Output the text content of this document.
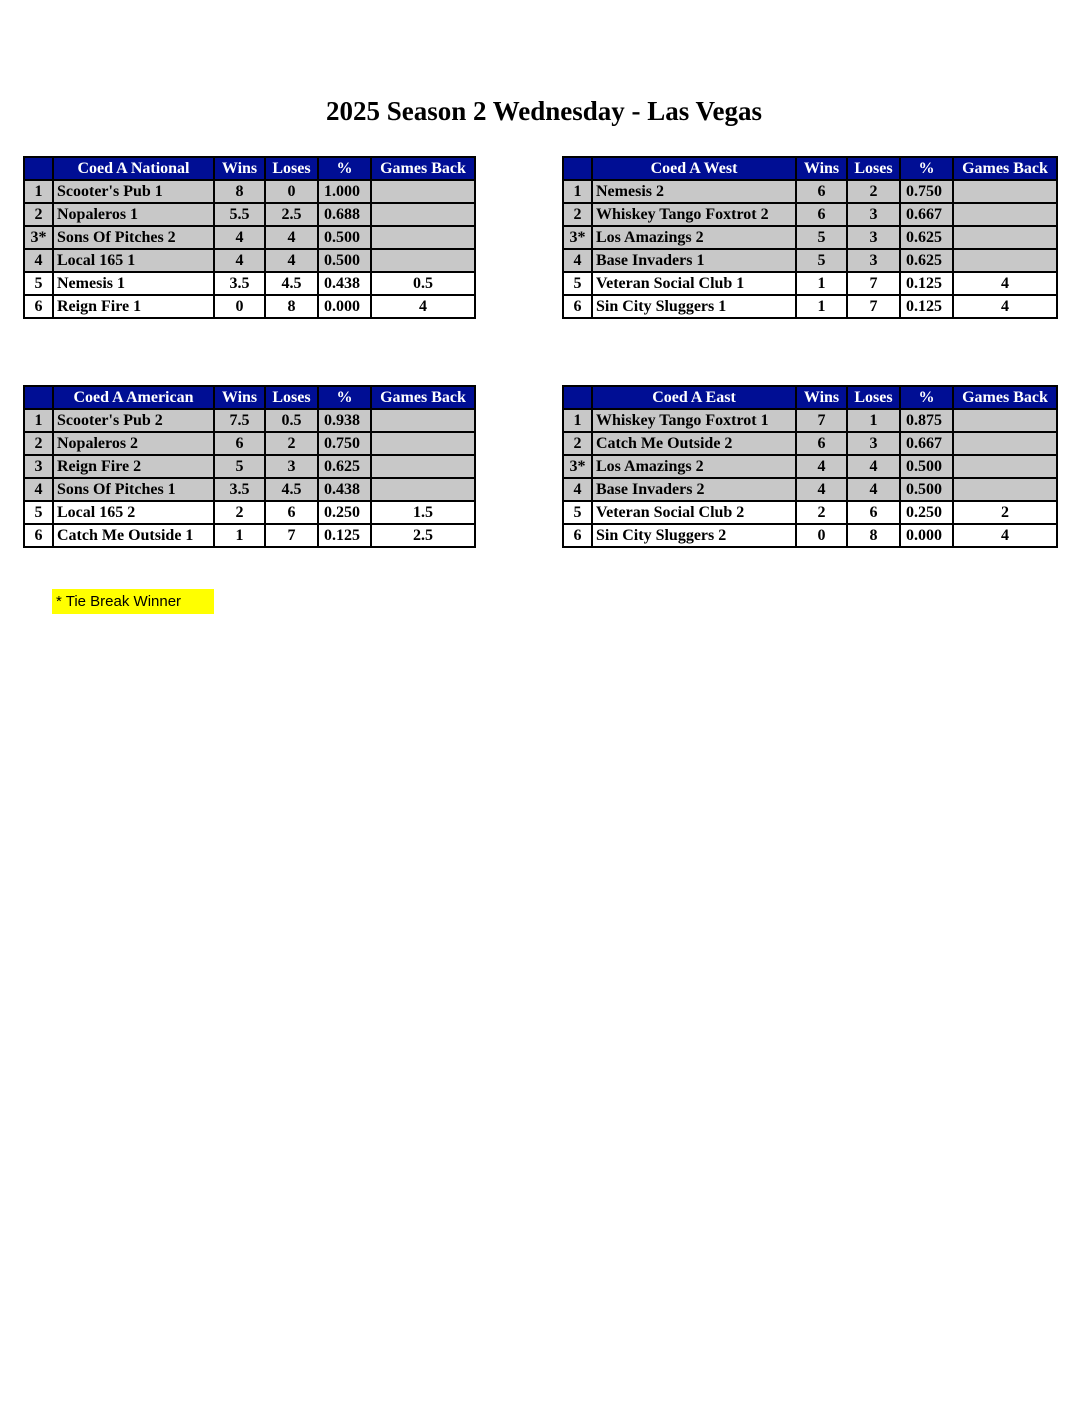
2025 Season 2 Wednesday - Las Vegas
	Coed A National	Wins	Loses	%	Games Back
1	Scooter's Pub 1	8	0	1.000	
2	Nopaleros 1	5.5	2.5	0.688	
3*	Sons Of Pitches 2	4	4	0.500	
4	Local 165 1	4	4	0.500	
5	Nemesis 1	3.5	4.5	0.438	0.5
6	Reign Fire 1	0	8	0.000	4
	Coed A American	Wins	Loses	%	Games Back
1	Scooter's Pub 2	7.5	0.5	0.938	
2	Nopaleros 2	6	2	0.750	
3	Reign Fire 2	5	3	0.625	
4	Sons Of Pitches 1	3.5	4.5	0.438	
5	Local 165 2	2	6	0.250	1.5
6	Catch Me Outside 1	1	7	0.125	2.5
	Coed A West	Wins	Loses	%	Games Back
1	Nemesis 2	6	2	0.750	
2	Whiskey Tango Foxtrot 2	6	3	0.667	
3*	Los Amazings 2	5	3	0.625	
4	Base Invaders 1	5	3	0.625	
5	Veteran Social Club 1	1	7	0.125	4
6	Sin City Sluggers 1	1	7	0.125	4
	Coed A East	Wins	Loses	%	Games Back
1	Whiskey Tango Foxtrot 1	7	1	0.875	
2	Catch Me Outside 2	6	3	0.667	
3*	Los Amazings 2	4	4	0.500	
4	Base Invaders 2	4	4	0.500	
5	Veteran Social Club 2	2	6	0.250	2
6	Sin City Sluggers 2	0	8	0.000	4
* Tie Break Winner
